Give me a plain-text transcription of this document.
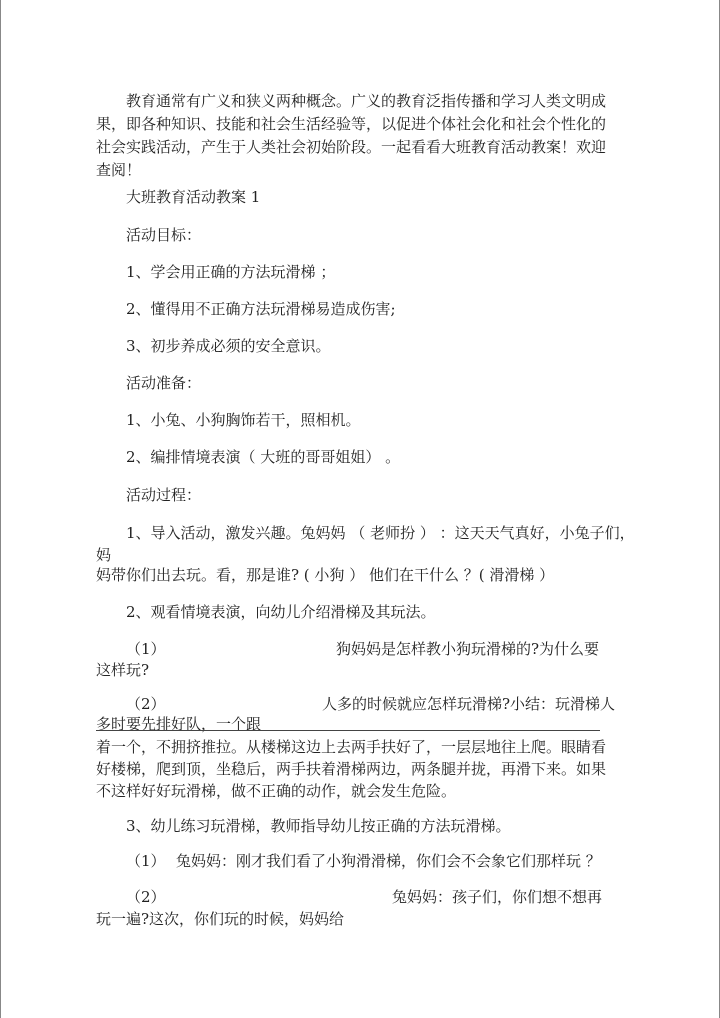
教育通常有广义和狭义两种概念。广义的教育泛指传播和学习人类文明成
果，即各种知识、技能和社会生活经验等，以促进个体社会化和社会个性化的
社会实践活动，产生于人类社会初始阶段。一起看看大班教育活动教案！欢迎
查阅！
大班教育活动教案 1
活动目标：
1、学会用正确的方法玩滑梯 ；
2、懂得用不正确方法玩滑梯易造成伤害;
3、初步养成必须的安全意识。
活动准备：
1、小兔、小狗胸饰若干，照相机。
2、编排情境表演（ 大班的哥哥姐姐） 。
活动过程：
1、导入活动，激发兴趣。兔妈妈 （ 老师扮 ） ：这天天气真好，小兔子们，
妈
妈带你们出去玩。看，那是谁? ( 小狗 ） 他们在干什么 ？( 滑滑梯 ）
2、观看情境表演，向幼儿介绍滑梯及其玩法。
（1）	狗妈妈是怎样教小狗玩滑梯的?为什么要
这样玩?
（2）	人多的时候就应怎样玩滑梯?小结：玩滑梯人
多时要先排好队，一个跟
着一个，不拥挤推拉。从楼梯这边上去两手扶好了，一层层地往上爬。眼睛看
好楼梯，爬到顶，坐稳后，两手扶着滑梯两边，两条腿并拢，再滑下来。如果
不这样好好玩滑梯，做不正确的动作，就会发生危险。
3、幼儿练习玩滑梯，教师指导幼儿按正确的方法玩滑梯。
（1） 兔妈妈：刚才我们看了小狗滑滑梯，你们会不会象它们那样玩 ？
（2）	兔妈妈：孩子们，你们想不想再
玩一遍?这次，你们玩的时候，妈妈给
